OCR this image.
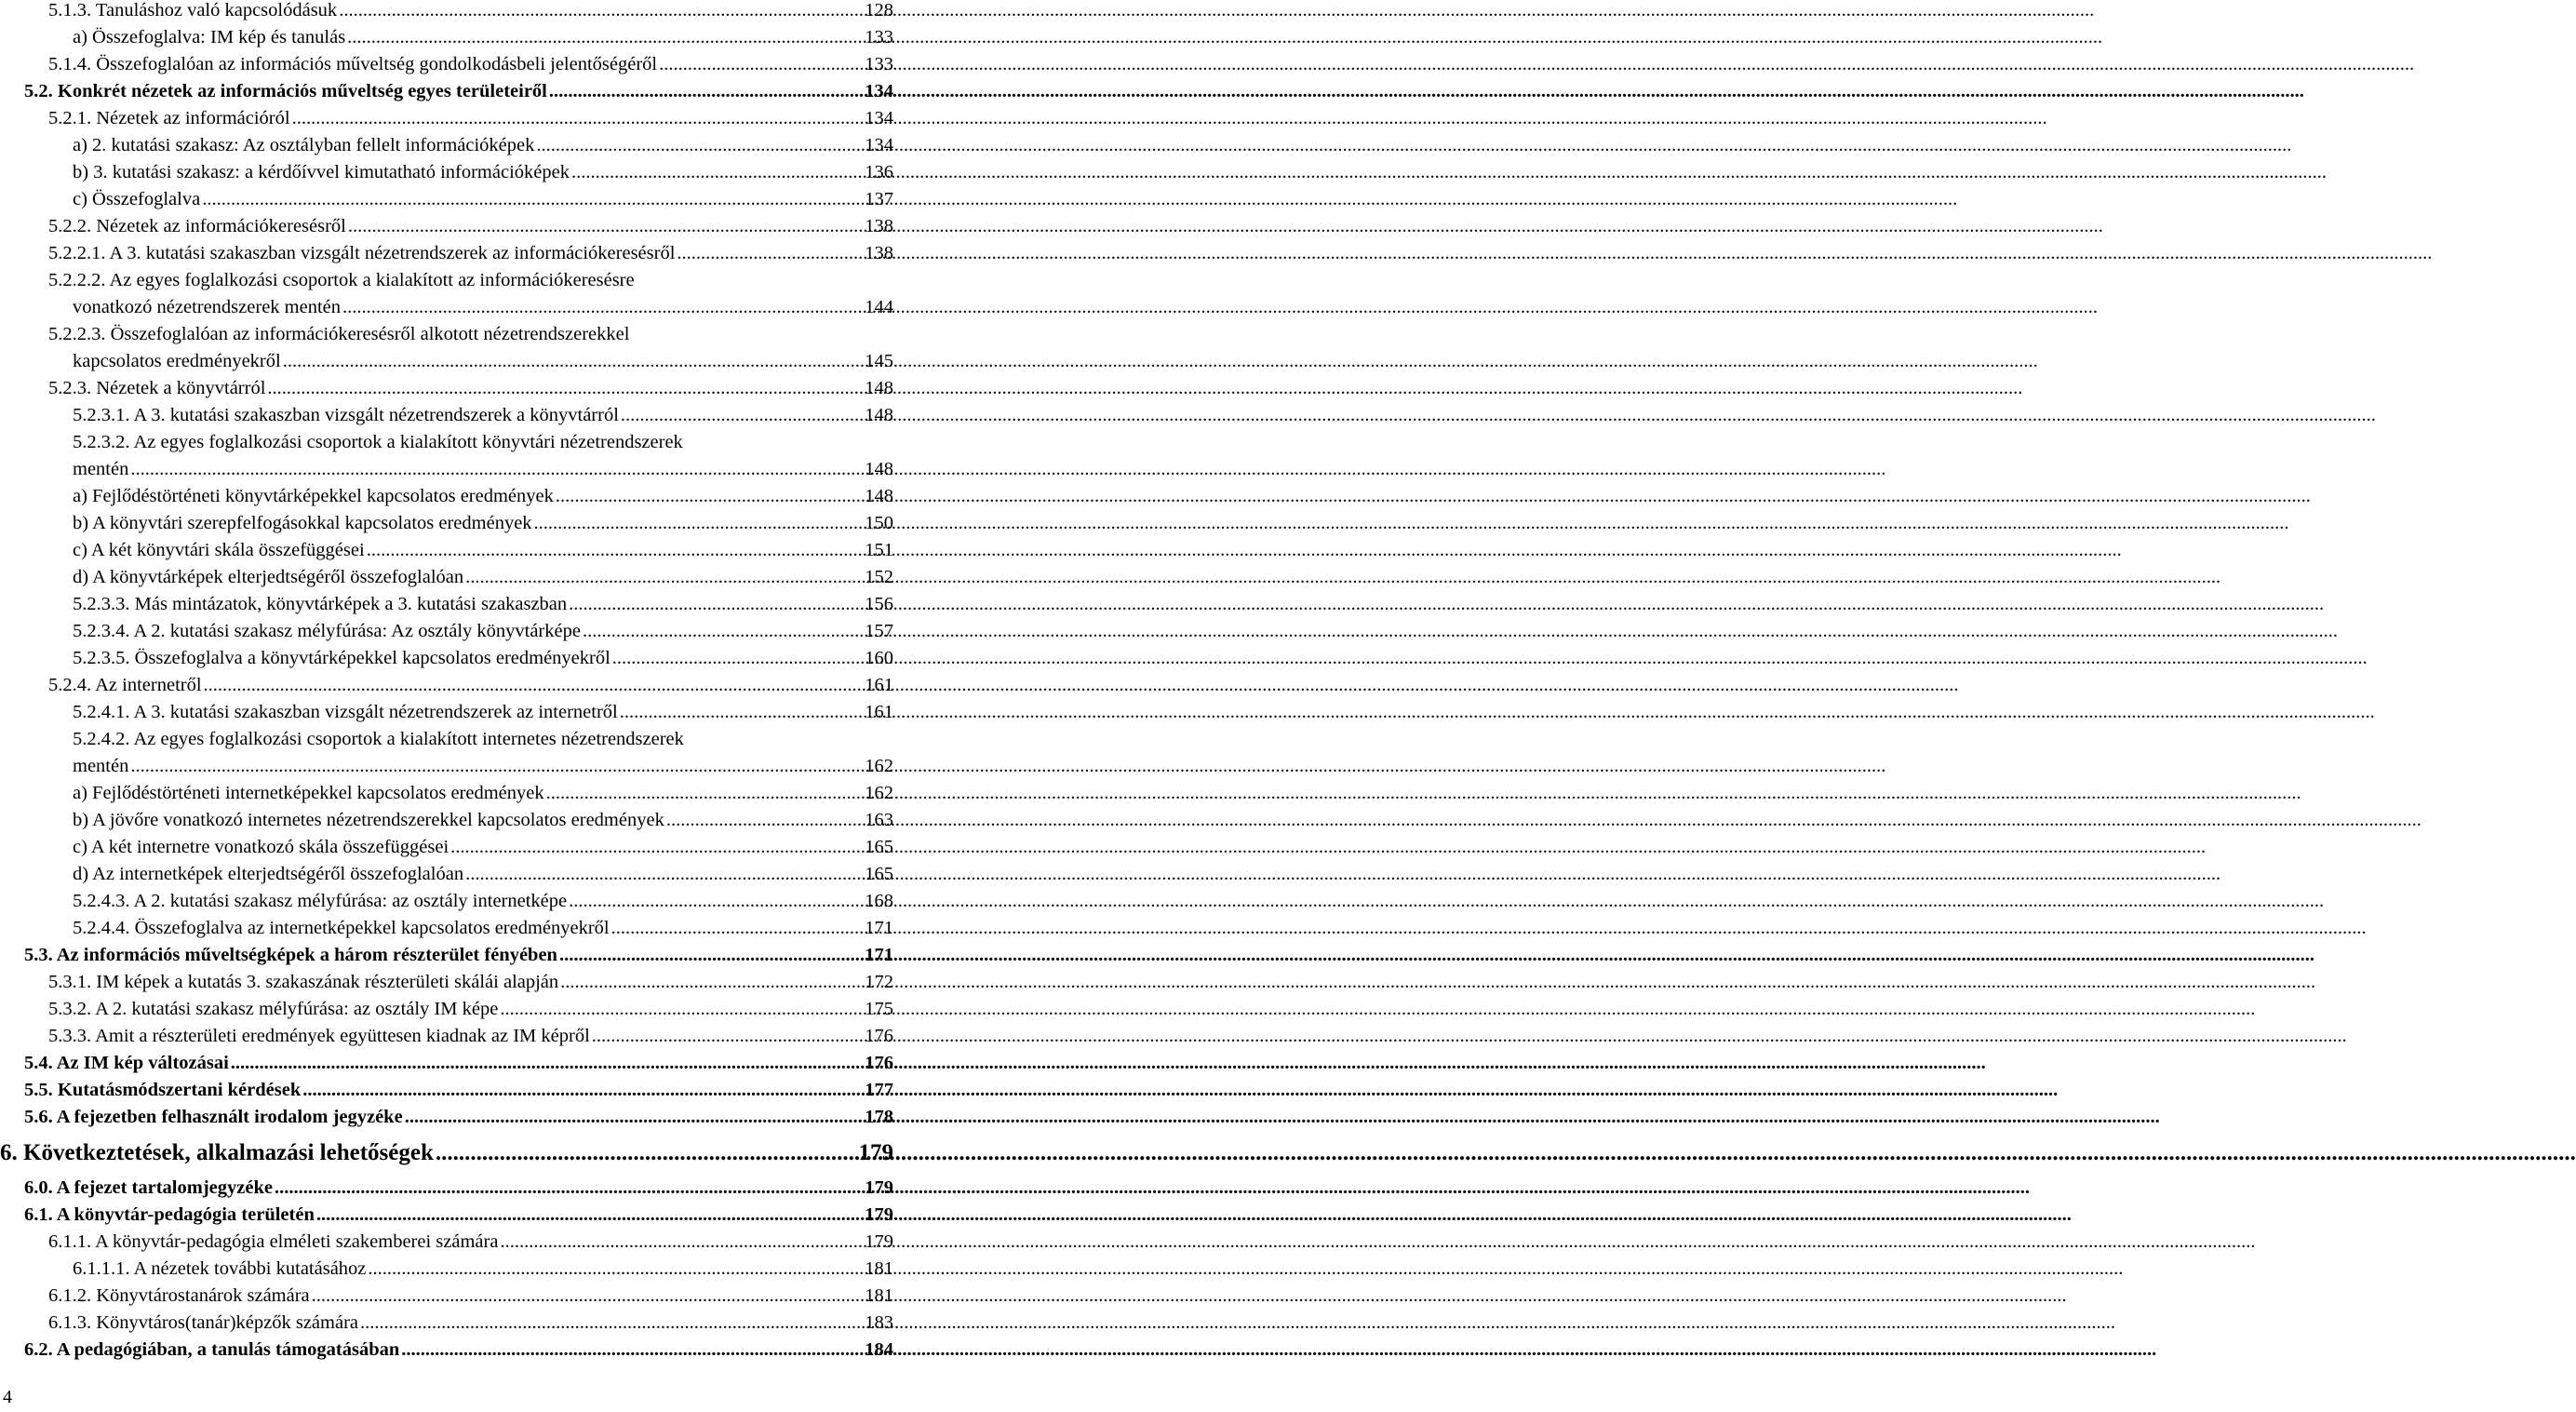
5.1.3. Tanuláshoz való kapcsolódásuk .....	128
a) Összefoglalva: IM kép és tanulás .....	133
5.1.4. Összefoglalóan az információs műveltség gondolkodásbeli jelentőségéről .....	133
5.2. Konkrét nézetek az információs műveltség egyes területeiről .....	134
5.2.1. Nézetek az információról .....	134
a) 2. kutatási szakasz: Az osztályban fellelt információképek .....	134
b) 3. kutatási szakasz: a kérdőívvel kimutatható információképek .....	136
c) Összefoglalva .....	137
5.2.2. Nézetek az információkeresésről .....	138
5.2.2.1. A 3. kutatási szakaszban vizsgált nézetrendszerek az információkeresésről .....	138
5.2.2.2. Az egyes foglalkozási csoportok a kialakított az információkeresésre
vonatkozó nézetrendszerek mentén .....	144
5.2.2.3. Összefoglalóan az információkeresésről alkotott nézetrendszerekkel
kapcsolatos eredményekről .....	145
5.2.3. Nézetek a könyvtárról .....	148
5.2.3.1. A 3. kutatási szakaszban vizsgált nézetrendszerek a könyvtárról .....	148
5.2.3.2. Az egyes foglalkozási csoportok a kialakított könyvtári nézetrendszerek
mentén .....	148
a) Fejlődéstörténeti könyvtárképekkel kapcsolatos eredmények .....	148
b) A könyvtári szerepfelfogásokkal kapcsolatos eredmények .....	150
c) A két könyvtári skála összefüggései .....	151
d) A könyvtárképek elterjedtségéről összefoglalóan .....	152
5.2.3.3. Más mintázatok, könyvtárképek a 3. kutatási szakaszban .....	156
5.2.3.4. A 2. kutatási szakasz mélyfúrása: Az osztály könyvtárképe .....	157
5.2.3.5. Összefoglalva a könyvtárképekkel kapcsolatos eredményekről .....	160
5.2.4. Az internetről .....	161
5.2.4.1. A 3. kutatási szakaszban vizsgált nézetrendszerek az internetről .....	161
5.2.4.2. Az egyes foglalkozási csoportok a kialakított internetes nézetrendszerek
mentén .....	162
a) Fejlődéstörténeti internetképekkel kapcsolatos eredmények .....	162
b) A jövőre vonatkozó internetes nézetrendszerekkel kapcsolatos eredmények .....	163
c) A két internetre vonatkozó skála összefüggései .....	165
d) Az internetképek elterjedtségéről összefoglalóan .....	165
5.2.4.3. A 2. kutatási szakasz mélyfúrása: az osztály internetképe .....	168
5.2.4.4. Összefoglalva az internetképekkel kapcsolatos eredményekről .....	171
5.3. Az információs műveltségképek a három részterület fényében .....	171
5.3.1. IM képek a kutatás 3. szakaszának részterületi skálái alapján .....	172
5.3.2. A 2. kutatási szakasz mélyfúrása: az osztály IM képe .....	175
5.3.3. Amit a részterületi eredmények együttesen kiadnak az IM képről .....	176
5.4. Az IM kép változásai .....	176
5.5. Kutatásmódszertani kérdések .....	177
5.6. A fejezetben felhasznált irodalom jegyzéke .....	178
6. Következtetések, alkalmazási lehetőségek .....	179
6.0. A fejezet tartalomjegyzéke .....	179
6.1. A könyvtár-pedagógia területén .....	179
6.1.1. A könyvtár-pedagógia elméleti szakemberei számára .....	179
6.1.1.1. A nézetek további kutatásához .....	181
6.1.2. Könyvtárostanárok számára .....	181
6.1.3. Könyvtáros(tanár)képzők számára .....	183
6.2. A pedagógiában, a tanulás támogatásában .....	184
4
